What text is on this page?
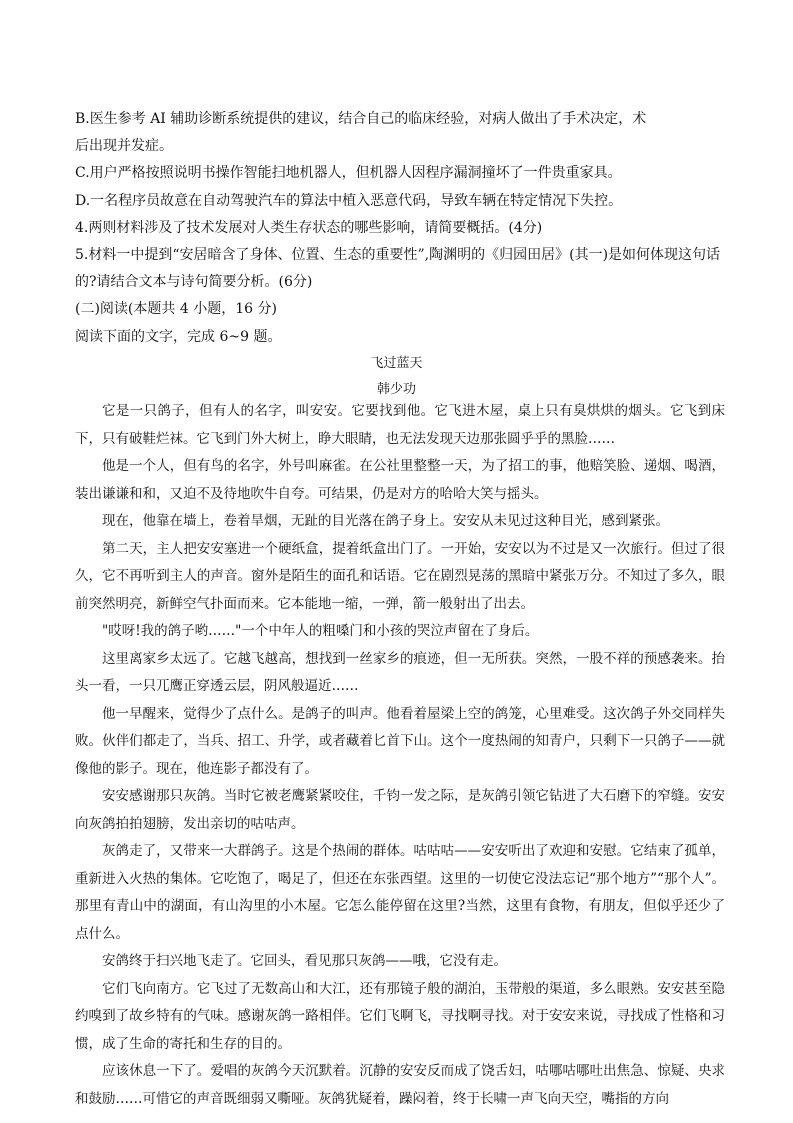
B.医生参考 AI 辅助诊断系统提供的建议，结合自己的临床经验，对病人做出了手术决定，术

后出现并发症。

C.用户严格按照说明书操作智能扫地机器人，但机器人因程序漏洞撞坏了一件贵重家具。

D.一名程序员故意在自动驾驶汽车的算法中植入恶意代码，导致车辆在特定情况下失控。

4.两则材料涉及了技术发展对人类生存状态的哪些影响，请简要概括。(4分)

5.材料一中提到“安居暗含了身体、位置、生态的重要性”,陶渊明的《归园田居》(其一)是如何体现这句话

的?请结合文本与诗句简要分析。(6分)

(二)阅读(本题共 4 小题，16 分)

阅读下面的文字，完成 6~9 题。

飞过蓝天

韩少功

它是一只鸽子，但有人的名字，叫安安。它要找到他。它飞进木屋，桌上只有臭烘烘的烟头。它飞到床下，只有破鞋烂袜。它飞到门外大树上，睁大眼睛，也无法发现天边那张圆乎乎的黑脸……

他是一个人，但有鸟的名字，外号叫麻雀。在公社里整整一天，为了招工的事，他赔笑脸、递烟、喝酒，装出谦谦和和，又迫不及待地吹牛自夸。可结果，仍是对方的哈哈大笑与摇头。

现在，他靠在墙上，卷着旱烟，无趾的目光落在鸽子身上。安安从未见过这种目光，感到紧张。

第二天，主人把安安塞进一个硬纸盒，提着纸盒出门了。一开始，安安以为不过是又一次旅行。但过了很久，它不再听到主人的声音。窗外是陌生的面孔和话语。它在剧烈晃荡的黑暗中紧张万分。不知过了多久，眼前突然明亮，新鲜空气扑面而来。它本能地一缩，一弹，箭一般射出了出去。

"哎呀!我的鸽子哟……"一个中年人的粗嗓门和小孩的哭泣声留在了身后。

这里离家乡太远了。它越飞越高，想找到一丝家乡的痕迹，但一无所获。突然，一股不祥的预感袭来。抬头一看，一只兀鹰正穿透云层，阴风般逼近……

他一早醒来，觉得少了点什么。是鸽子的叫声。他看着屋梁上空的鸽笼，心里难受。这次鸽子外交同样失败。伙伴们都走了，当兵、招工、升学，或者藏着匕首下山。这个一度热闹的知青户，只剩下一只鸽子——就像他的影子。现在，他连影子都没有了。

安安感谢那只灰鸽。当时它被老鹰紧紧咬住，千钧一发之际，是灰鸽引领它钻进了大石磨下的窄缝。安安向灰鸽拍拍翅膀，发出亲切的咕咕声。

灰鸽走了，又带来一大群鸽子。这是个热闹的群体。咕咕咕——安安听出了欢迎和安慰。它结束了孤单，重新进入火热的集体。它吃饱了，喝足了，但还在东张西望。这里的一切使它没法忘记“那个地方”“那个人”。那里有青山中的湖面，有山沟里的小木屋。它怎么能停留在这里?当然，这里有食物，有朋友，但似乎还少了点什么。

安鸽终于扫兴地飞走了。它回头，看见那只灰鸽——哦，它没有走。

它们飞向南方。它飞过了无数高山和大江，还有那镜子般的湖泊，玉带般的渠道，多么眼熟。安安甚至隐约嗅到了故乡特有的气味。感谢灰鸽一路相伴。它们飞啊飞，寻找啊寻找。对于安安来说，寻找成了性格和习惯，成了生命的寄托和生存的目的。

应该休息一下了。爱唱的灰鸽今天沉默着。沉静的安安反而成了饶舌妇，咕哪咕哪吐出焦急、惊疑、央求和鼓励……可惜它的声音既细弱又嘶哑。灰鸽犹疑着，躁闷着，终于长啸一声飞向天空，嘴指的方向
